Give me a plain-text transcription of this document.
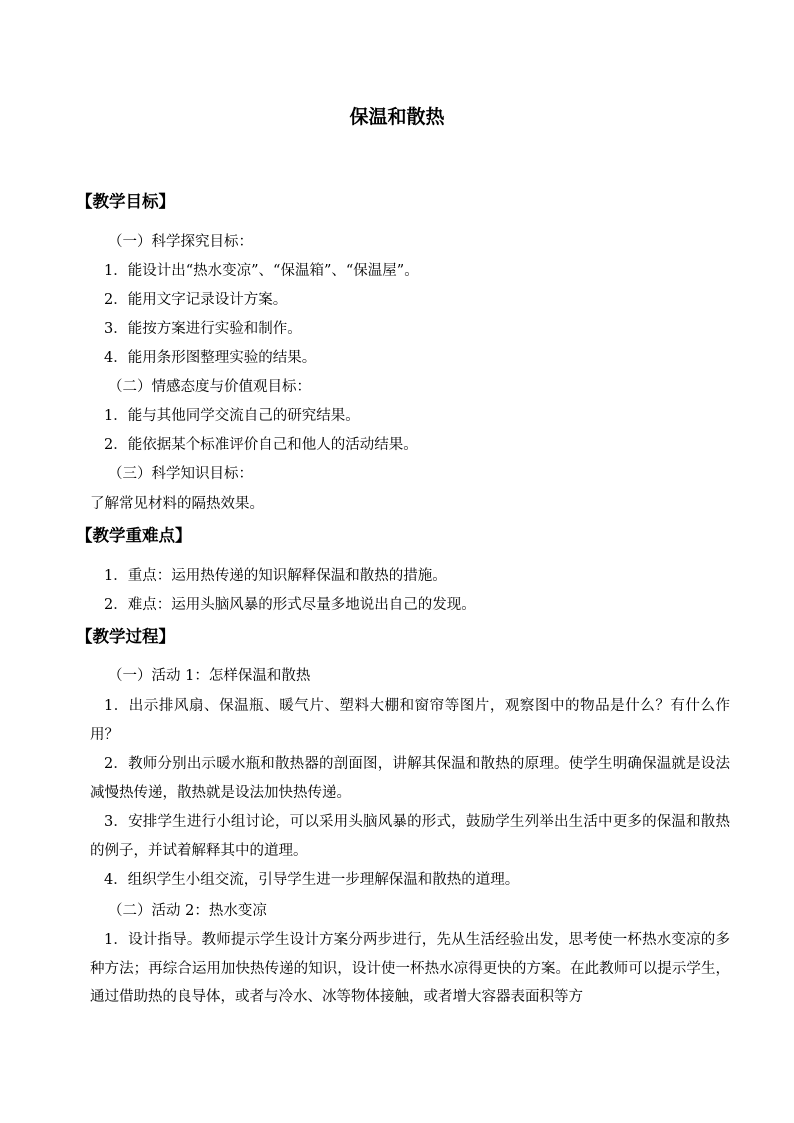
保温和散热
【教学目标】
（一）科学探究目标：
1．能设计出“热水变凉”、“保温箱”、“保温屋”。
2．能用文字记录设计方案。
3．能按方案进行实验和制作。
4．能用条形图整理实验的结果。
（二）情感态度与价值观目标：
1．能与其他同学交流自己的研究结果。
2．能依据某个标准评价自己和他人的活动结果。
（三）科学知识目标：
了解常见材料的隔热效果。
【教学重难点】
1．重点：运用热传递的知识解释保温和散热的措施。
2．难点：运用头脑风暴的形式尽量多地说出自己的发现。
【教学过程】
（一）活动 1：怎样保温和散热
1．出示排风扇、保温瓶、暖气片、塑料大棚和窗帘等图片，观察图中的物品是什么？有什么作用？
2．教师分别出示暖水瓶和散热器的剖面图，讲解其保温和散热的原理。使学生明确保温就是设法减慢热传递，散热就是设法加快热传递。
3．安排学生进行小组讨论，可以采用头脑风暴的形式，鼓励学生列举出生活中更多的保温和散热的例子，并试着解释其中的道理。
4．组织学生小组交流，引导学生进一步理解保温和散热的道理。
（二）活动 2：热水变凉
1．设计指导。教师提示学生设计方案分两步进行，先从生活经验出发，思考使一杯热水变凉的多种方法；再综合运用加快热传递的知识，设计使一杯热水凉得更快的方案。在此教师可以提示学生，通过借助热的良导体，或者与冷水、冰等物体接触，或者增大容器表面积等方
